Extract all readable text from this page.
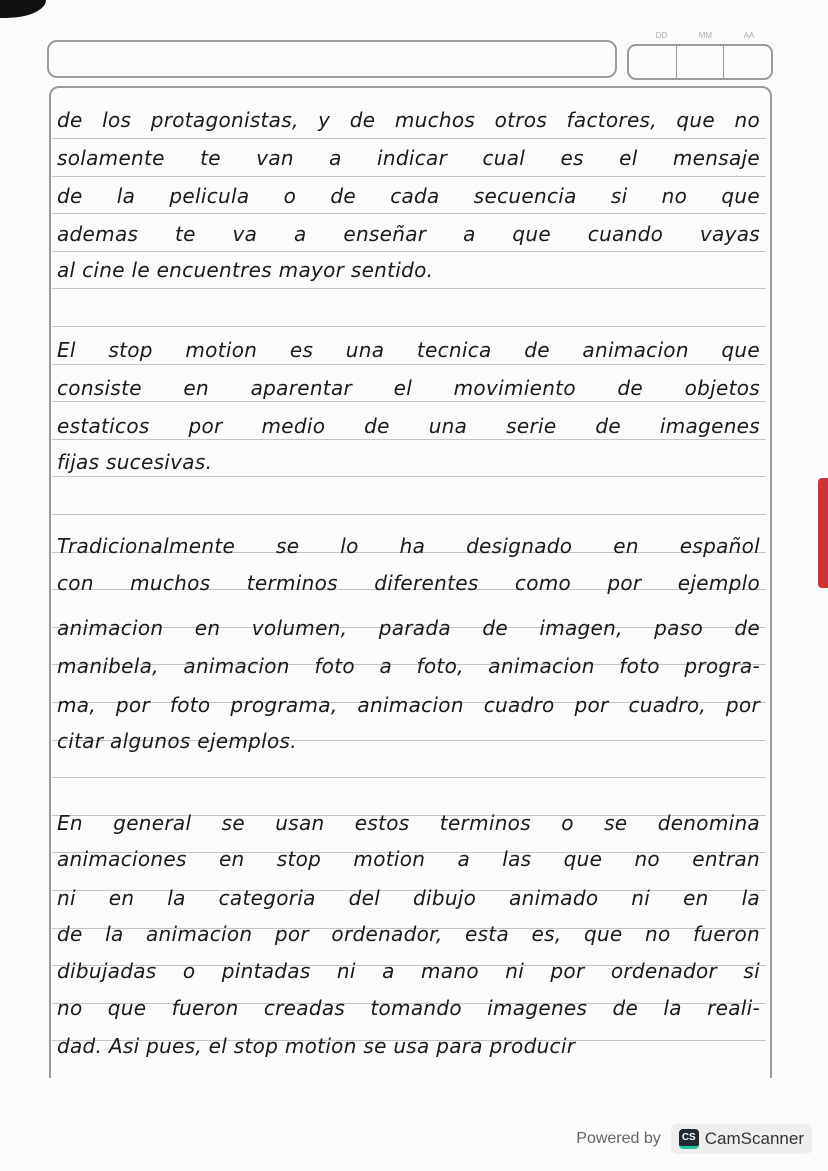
DD	MM	AA
de los protagonistas, y de muchos otros factores, que no
solamente te van a indicar cual es el mensaje
de la pelicula o de cada secuencia si no que
ademas te va a enseñar a que cuando vayas
al cine le encuentres mayor sentido.
El stop motion es una tecnica de animacion que
consiste en aparentar el movimiento de objetos
estaticos por medio de una serie de imagenes
fijas sucesivas.
Tradicionalmente se lo ha designado en español
con muchos terminos diferentes como por ejemplo
animacion en volumen, parada de imagen, paso de
manibela, animacion foto a foto, animacion foto progra-
ma, por foto programa, animacion cuadro por cuadro, por
citar algunos ejemplos.
En general se usan estos terminos o se denomina
animaciones en stop motion a las que no entran
ni en la categoria del dibujo animado ni en la
de la animacion por ordenador, esta es, que no fueron
dibujadas o pintadas ni a mano ni por ordenador si
no que fueron creadas tomando imagenes de la reali-
dad. Asi pues, el stop motion se usa para producir
Powered by	CS CamScanner
